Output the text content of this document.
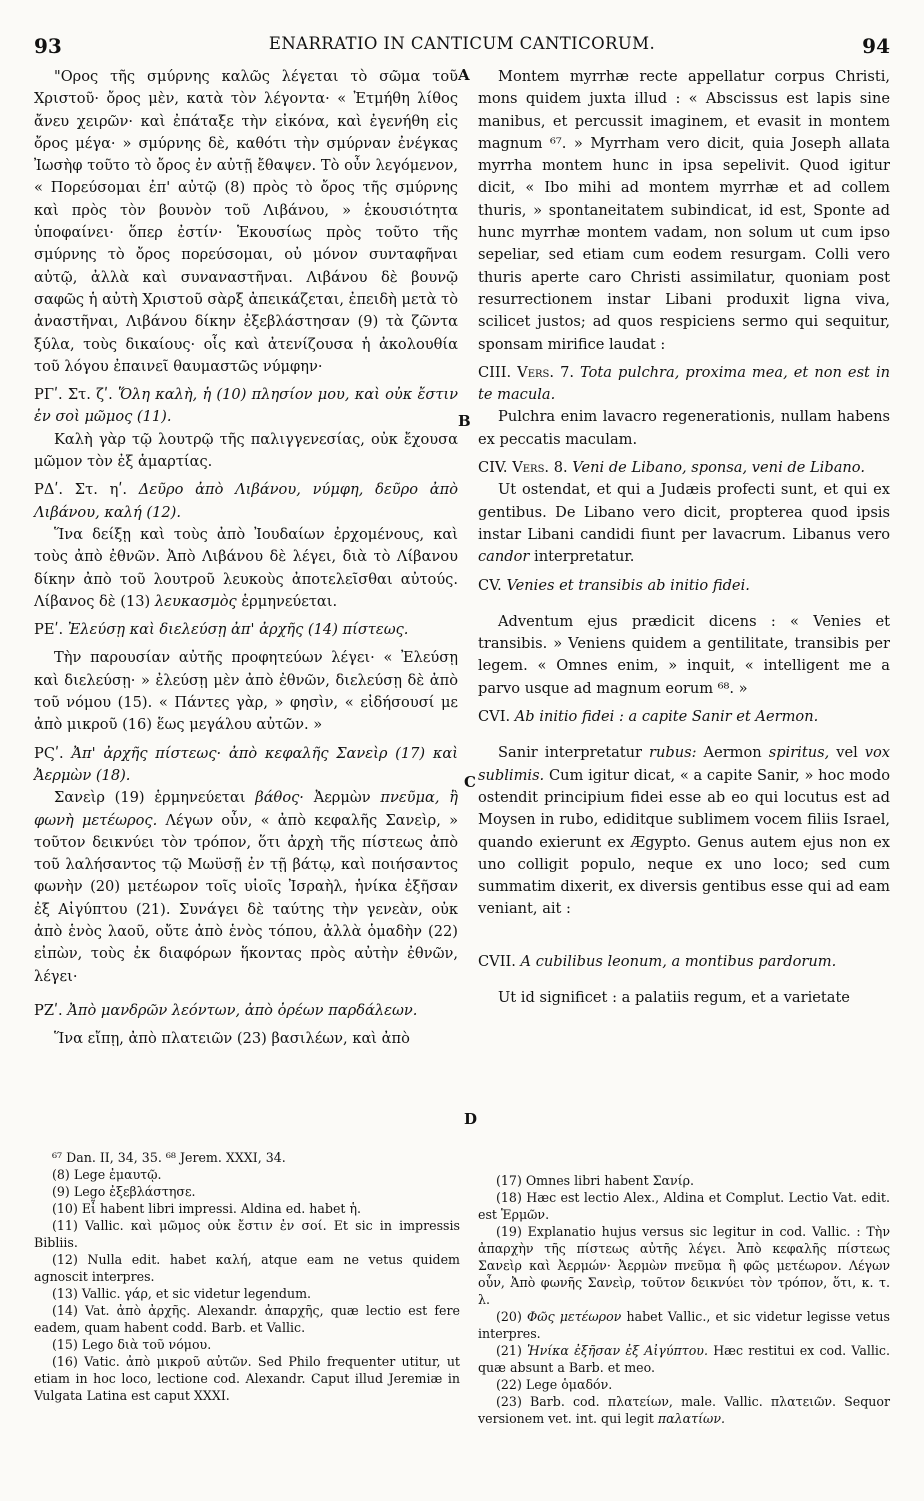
93	ENARRATIO IN CANTICUM CANTICORUM.	94
A
B
C
D

"Ορος τῆς σμύρνης καλῶς λέγεται τὸ σῶμα τοῦ Χριστοῦ· ὄρος μὲν, κατὰ τὸν λέγοντα· « Ἐτμήθη λίθος ἄνευ χειρῶν· καὶ ἐπάταξε τὴν εἰκόνα, καὶ ἐγενήθη εἰς ὄρος μέγα· » σμύρνης δὲ, καθότι τὴν σμύρναν ἐνέγκας Ἰωσὴφ τοῦτο τὸ ὄρος ἐν αὐτῇ ἔθαψεν. Τὸ οὖν λεγόμενον, « Πορεύσομαι ἐπ' αὐτῷ (8) πρὸς τὸ ὄρος τῆς σμύρνης καὶ πρὸς τὸν βουνὸν τοῦ Λιβάνου, » ἑκουσιότητα ὑποφαίνει· ὅπερ ἐστίν· Ἑκουσίως πρὸς τοῦτο τῆς σμύρνης τὸ ὄρος πορεύσομαι, οὐ μόνον συνταφῆναι αὐτῷ, ἀλλὰ καὶ συναναστῆναι. Λιβάνου δὲ βουνῷ σαφῶς ἡ αὐτὴ Χριστοῦ σὰρξ ἀπεικάζεται, ἐπειδὴ μετὰ τὸ ἀναστῆναι, Λιβάνου δίκην ἐξεβλάστησαν (9) τὰ ζῶντα ξύλα, τοὺς δικαίους· οἷς καὶ ἀτενίζουσα ἡ ἀκολουθία τοῦ λόγου ἐπαινεῖ θαυμαστῶς νύμφην·

ΡΓʹ. Στ. ζʹ. Ὅλη καλὴ, ἡ (10) πλησίον μου, καὶ οὐκ ἔστιν ἐν σοὶ μῶμος (11).

Καλὴ γὰρ τῷ λουτρῷ τῆς παλιγγενεσίας, οὐκ ἔχουσα μῶμον τὸν ἐξ ἁμαρτίας.

ΡΔʹ. Στ. ηʹ. Δεῦρο ἀπὸ Λιβάνου, νύμφη, δεῦρο ἀπὸ Λιβάνου, καλή (12).

Ἵνα δείξῃ καὶ τοὺς ἀπὸ Ἰουδαίων ἐρχομένους, καὶ τοὺς ἀπὸ ἐθνῶν. Ἀπὸ Λιβάνου δὲ λέγει, διὰ τὸ Λίβανου δίκην ἀπὸ τοῦ λουτροῦ λευκοὺς ἀποτελεῖσθαι αὐτούς. Λίβανος δὲ (13) λευκασμὸς ἑρμηνεύεται.

ΡΕʹ. Ἐλεύσῃ καὶ διελεύσῃ ἀπ' ἀρχῆς (14) πίστεως.

Τὴν παρουσίαν αὐτῆς προφητεύων λέγει· « Ἐλεύσῃ καὶ διελεύσῃ· » ἐλεύσῃ μὲν ἀπὸ ἐθνῶν, διελεύσῃ δὲ ἀπὸ τοῦ νόμου (15). « Πάντες γὰρ, » φησὶν, « εἰδήσουσί με ἀπὸ μικροῦ (16) ἕως μεγάλου αὐτῶν. »

ΡϚʹ. Ἀπ' ἀρχῆς πίστεως· ἀπὸ κεφαλῆς Σανεὶρ (17) καὶ Ἀερμὼν (18).

Σανεὶρ (19) ἑρμηνεύεται βάθος· Ἀερμὼν πνεῦμα, ἢ φωνὴ μετέωρος. Λέγων οὖν, « ἀπὸ κεφαλῆς Σανεὶρ, » τοῦτον δεικνύει τὸν τρόπον, ὅτι ἀρχὴ τῆς πίστεως ἀπὸ τοῦ λαλήσαντος τῷ Μωϋσῇ ἐν τῇ βάτῳ, καὶ ποιήσαντος φωνὴν (20) μετέωρον τοῖς υἱοῖς Ἰσραὴλ, ἡνίκα ἐξῆσαν ἐξ Αἰγύπτου (21). Συνάγει δὲ ταύτης τὴν γενεὰν, οὐκ ἀπὸ ἑνὸς λαοῦ, οὔτε ἀπὸ ἑνὸς τόπου, ἀλλὰ ὁμαδὴν (22) εἰπὼν, τοὺς ἐκ διαφόρων ἥκοντας πρὸς αὐτὴν ἐθνῶν, λέγει·

ΡΖʹ. Ἀπὸ μανδρῶν λεόντων, ἀπὸ ὀρέων παρδάλεων.

Ἵνα εἴπῃ, ἀπὸ πλατειῶν (23) βασιλέων, καὶ ἀπὸ

Montem myrrhæ recte appellatur corpus Christi, mons quidem juxta illud : « Abscissus est lapis sine manibus, et percussit imaginem, et evasit in montem magnum ⁶⁷. » Myrrham vero dicit, quia Joseph allata myrrha montem hunc in ipsa sepelivit. Quod igitur dicit, « Ibo mihi ad montem myrrhæ et ad collem thuris, » spontaneitatem subindicat, id est, Sponte ad hunc myrrhæ montem vadam, non solum ut cum ipso sepeliar, sed etiam cum eodem resurgam. Colli vero thuris aperte caro Christi assimilatur, quoniam post resurrectionem instar Libani produxit ligna viva, scilicet justos; ad quos respiciens sermo qui sequitur, sponsam mirifice laudat :

CIII. Vers. 7. Tota pulchra, proxima mea, et non est in te macula.

Pulchra enim lavacro regenerationis, nullam habens ex peccatis maculam.

CIV. Vers. 8. Veni de Libano, sponsa, veni de Libano.

Ut ostendat, et qui a Judæis profecti sunt, et qui ex gentibus. De Libano vero dicit, propterea quod ipsis instar Libani candidi fiunt per lavacrum. Libanus vero candor interpretatur.

CV. Venies et transibis ab initio fidei.

Adventum ejus prædicit dicens : « Venies et transibis. » Veniens quidem a gentilitate, transibis per legem. « Omnes enim, » inquit, « intelligent me a parvo usque ad magnum eorum ⁶⁸. »

CVI. Ab initio fidei : a capite Sanir et Aermon.

Sanir interpretatur rubus: Aermon spiritus, vel vox sublimis. Cum igitur dicat, « a capite Sanir, » hoc modo ostendit principium fidei esse ab eo qui locutus est ad Moysen in rubo, ediditque sublimem vocem filiis Israel, quando exierunt ex Ægypto. Genus autem ejus non ex uno colligit populo, neque ex uno loco; sed cum summatim dixerit, ex diversis gentibus esse qui ad eam veniant, ait :

CVII. A cubilibus leonum, a montibus pardorum.

Ut id significet : a palatiis regum, et a varietate

⁶⁷ Dan. II, 34, 35. ⁶⁸ Jerem. XXXI, 34.

(8) Lege ἐμαυτῷ.

(9) Lego ἐξεβλάστησε.

(10) Εἶ habent libri impressi. Aldina ed. habet ἡ.

(11) Vallic. καὶ μῶμος οὐκ ἔστιν ἐν σοί. Et sic in impressis Bibliis.

(12) Nulla edit. habet καλή, atque eam ne vetus quidem agnoscit interpres.

(13) Vallic. γάρ, et sic videtur legendum.

(14) Vat. ἀπὸ ἀρχῆς. Alexandr. ἀπαρχῆς, quæ lectio est fere eadem, quam habent codd. Barb. et Vallic.

(15) Lego διὰ τοῦ νόμου.

(16) Vatic. ἀπὸ μικροῦ αὐτῶν. Sed Philo frequenter utitur, ut etiam in hoc loco, lectione cod. Alexandr. Caput illud Jeremiæ in Vulgata Latina est caput XXXI.

(17) Omnes libri habent Σανίρ.

(18) Hæc est lectio Alex., Aldina et Complut. Lectio Vat. edit. est Ἑρμῶν.

(19) Explanatio hujus versus sic legitur in cod. Vallic. : Τὴν ἀπαρχὴν τῆς πίστεως αὐτῆς λέγει. Ἀπὸ κεφαλῆς πίστεως Σανεὶρ καὶ Ἀερμών· Ἀερμὼν πνεῦμα ἢ φῶς μετέωρον. Λέγων οὖν, Ἀπὸ φωνῆς Σανεὶρ, τοῦτον δεικνύει τὸν τρόπον, ὅτι, κ. τ. λ.

(20) Φῶς μετέωρον habet Vallic., et sic videtur legisse vetus interpres.

(21) Ἡνίκα ἐξῆσαν ἐξ Αἰγύπτου. Hæc restitui ex cod. Vallic. quæ absunt a Barb. et meo.

(22) Lege ὁμαδόν.

(23) Barb. cod. πλατείων, male. Vallic. πλατειῶν. Sequor versionem vet. int. qui legit παλατίων.
